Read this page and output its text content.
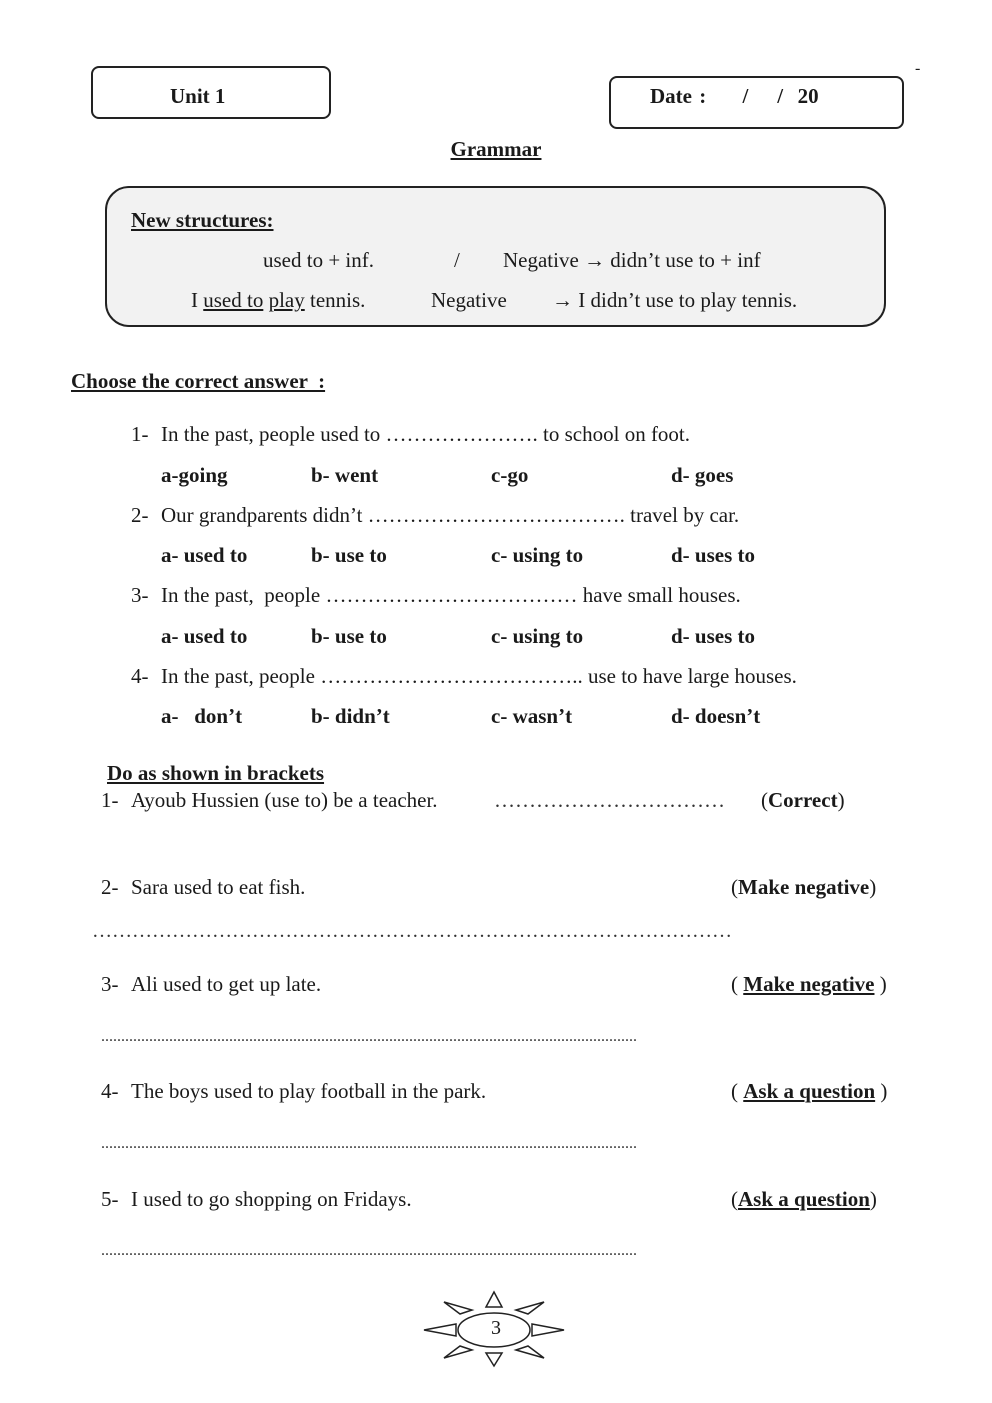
-
Unit 1	Date :     /    /  20
Grammar
New structures:
used to + inf.	/ Negative → didn’t use to + inf
I used to play tennis.	Negative → I didn’t use to play tennis.
Choose the correct answer  :
1- In the past, people used to …………………. to school on foot.
a-going	b- went	c-go	d- goes
2- Our grandparents didn’t ………………………………. travel by car.
a- used to	b- use to	c- using to	d- uses to
3- In the past,  people ……………………………… have small houses.
a- used to	b- use to	c- using to	d- uses to
4- In the past, people ……………………………….. use to have large houses.
a-   don’t	b- didn’t	c- wasn’t	d- doesn’t
Do as shown in brackets
1- Ayoub Hussien (use to) be a teacher.	…………………………… (Correct)
2- Sara used to eat fish.	(Make negative)
……………………………………………………………………………………
3- Ali used to get up late.	( Make negative )
......................................................................................................................................
4- The boys used to play football in the park.	( Ask a question )
......................................................................................................................................
5- I used to go shopping on Fridays.	(Ask a question)
......................................................................................................................................
3
